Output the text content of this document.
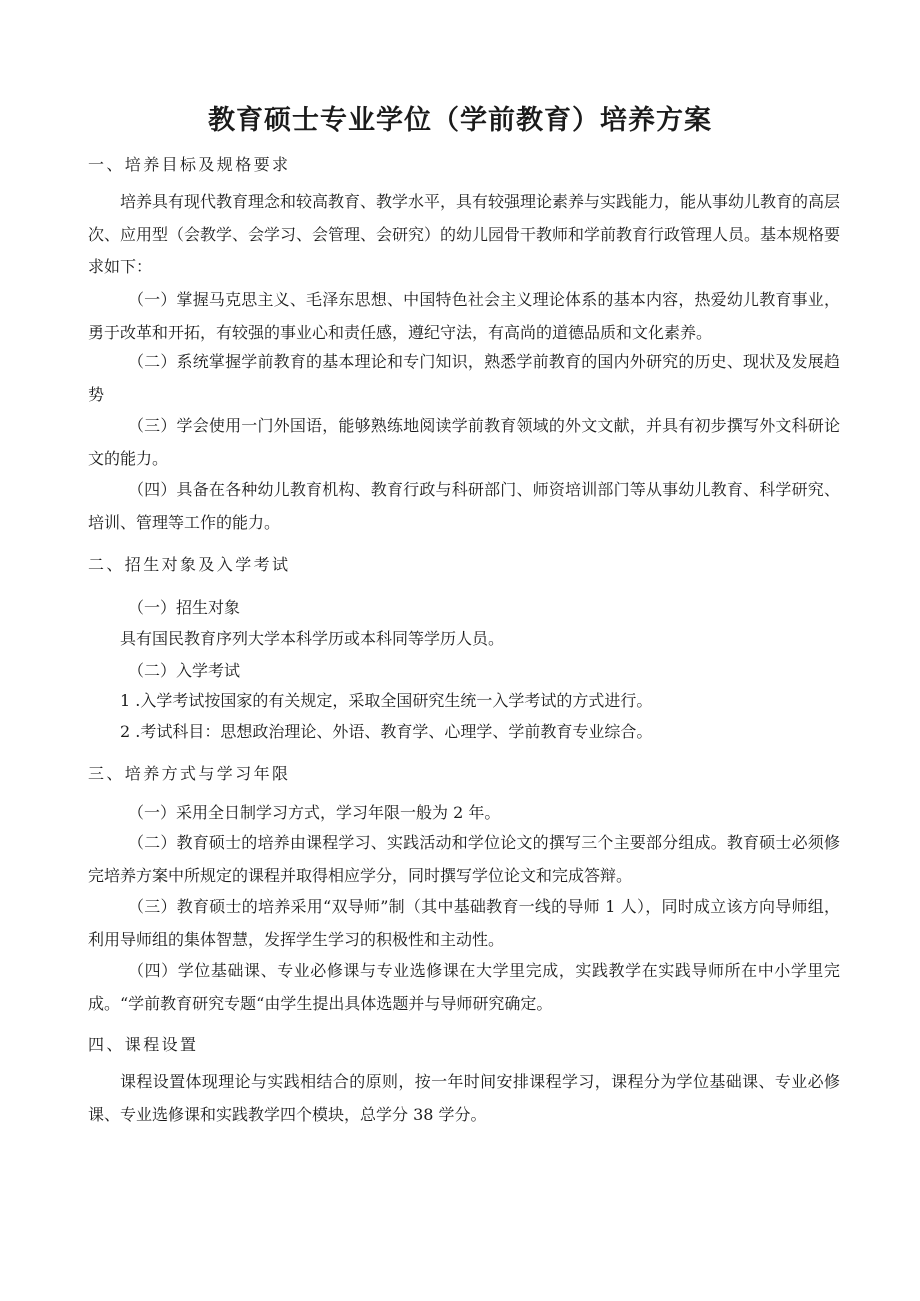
教育硕士专业学位（学前教育）培养方案

一、培养目标及规格要求

培养具有现代教育理念和较高教育、教学水平，具有较强理论素养与实践能力，能从事幼儿教育的高层次、应用型（会教学、会学习、会管理、会研究）的幼儿园骨干教师和学前教育行政管理人员。基本规格要求如下：

（一）掌握马克思主义、毛泽东思想、中国特色社会主义理论体系的基本内容，热爱幼儿教育事业，勇于改革和开拓，有较强的事业心和责任感，遵纪守法，有高尚的道德品质和文化素养。

（二）系统掌握学前教育的基本理论和专门知识，熟悉学前教育的国内外研究的历史、现状及发展趋势

（三）学会使用一门外国语，能够熟练地阅读学前教育领域的外文文献，并具有初步撰写外文科研论文的能力。

（四）具备在各种幼儿教育机构、教育行政与科研部门、师资培训部门等从事幼儿教育、科学研究、培训、管理等工作的能力。

二、招生对象及入学考试

（一）招生对象

具有国民教育序列大学本科学历或本科同等学历人员。

（二）入学考试

1 .入学考试按国家的有关规定，采取全国研究生统一入学考试的方式进行。

2 .考试科目：思想政治理论、外语、教育学、心理学、学前教育专业综合。

三、培养方式与学习年限

（一）采用全日制学习方式，学习年限一般为 2 年。

（二）教育硕士的培养由课程学习、实践活动和学位论文的撰写三个主要部分组成。教育硕士必须修完培养方案中所规定的课程并取得相应学分，同时撰写学位论文和完成答辩。

（三）教育硕士的培养采用“双导师”制（其中基础教育一线的导师 1 人），同时成立该方向导师组，利用导师组的集体智慧，发挥学生学习的积极性和主动性。

（四）学位基础课、专业必修课与专业选修课在大学里完成，实践教学在实践导师所在中小学里完成。“学前教育研究专题“由学生提出具体选题并与导师研究确定。

四、课程设置

课程设置体现理论与实践相结合的原则，按一年时间安排课程学习，课程分为学位基础课、专业必修课、专业选修课和实践教学四个模块，总学分 38 学分。
